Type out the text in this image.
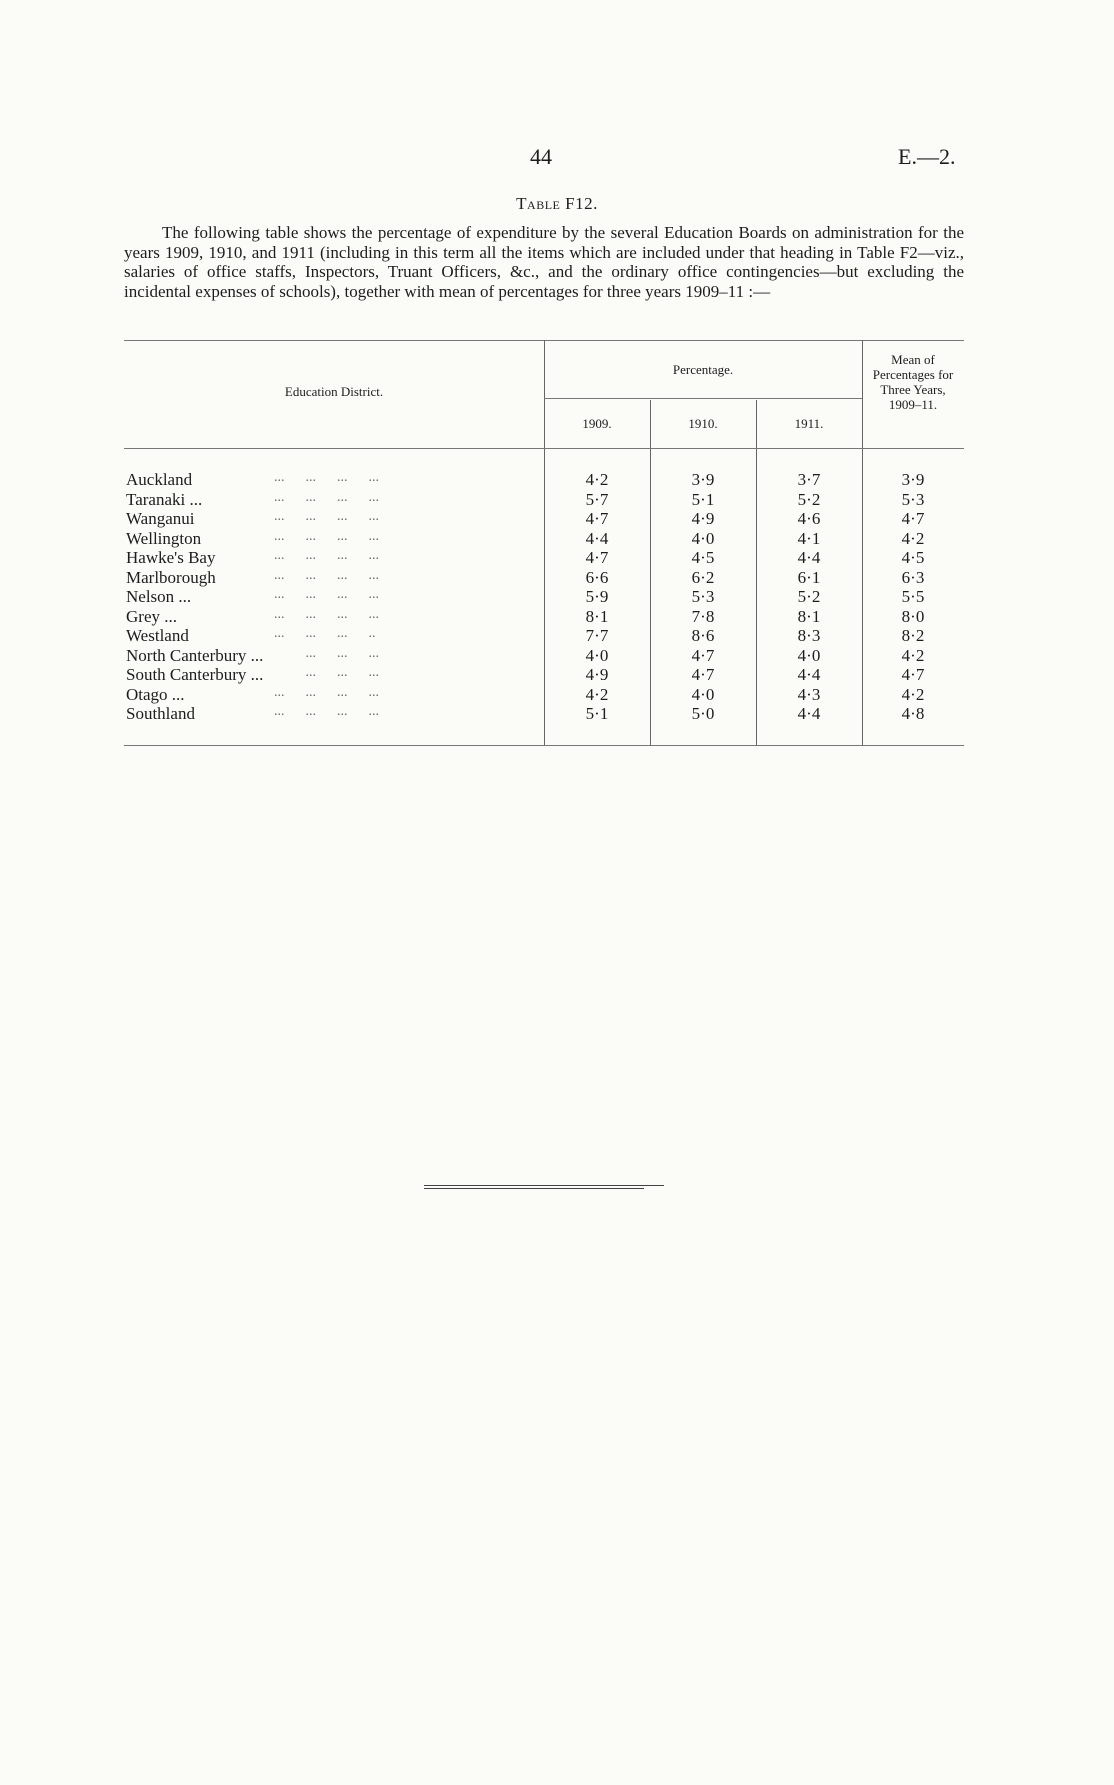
44	E.—2.
Table F12.
The following table shows the percentage of expenditure by the several Education Boards on administration for the years 1909, 1910, and 1911 (including in this term all the items which are included under that heading in Table F2—viz., salaries of office staffs, Inspectors, Truant Officers, &c., and the ordinary office contingencies—but excluding the incidental expenses of schools), together with mean of percentages for three years 1909–11 :—
Education District.
Percentage.
Mean of Percentages for Three Years, 1909–11.
1909.	1910.	1911.
Auckland	...      ...      ...      ...	4·2	3·9	3·7	3·9
Taranaki ...	...      ...      ...      ...	5·7	5·1	5·2	5·3
Wanganui	...      ...      ...      ...	4·7	4·9	4·6	4·7
Wellington	...      ...      ...      ...	4·4	4·0	4·1	4·2
Hawke's Bay	...      ...      ...      ...	4·7	4·5	4·4	4·5
Marlborough	...      ...      ...      ...	6·6	6·2	6·1	6·3
Nelson ...	...      ...      ...      ...	5·9	5·3	5·2	5·5
Grey ...	...      ...      ...      ...	8·1	7·8	8·1	8·0
Westland	...      ...      ...      ..	7·7	8·6	8·3	8·2
North Canterbury ... ...      ...      ...	4·0	4·7	4·0	4·2
South Canterbury ... ...      ...      ...	4·9	4·7	4·4	4·7
Otago ...	...      ...      ...      ...	4·2	4·0	4·3	4·2
Southland	...      ...      ...      ...	5·1	5·0	4·4	4·8
